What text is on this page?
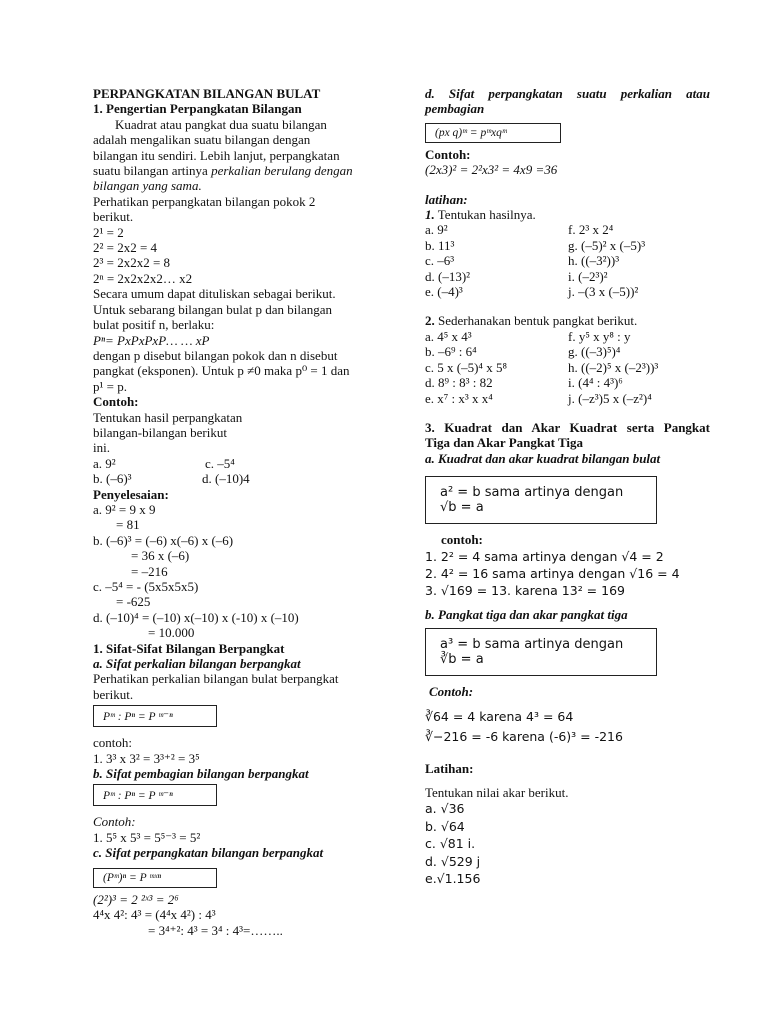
PERPANGKATAN BILANGAN BULAT
1. Pengertian Perpangkatan Bilangan
Kuadrat atau pangkat dua suatu bilangan
adalah mengalikan suatu bilangan dengan
bilangan itu sendiri. Lebih lanjut, perpangkatan
suatu bilangan artinya perkalian berulang dengan
bilangan yang sama.
Perhatikan perpangkatan bilangan pokok 2
berikut.
2¹ = 2
2² = 2x2 = 4
2³ = 2x2x2 = 8
2ⁿ = 2x2x2x2… x2
Secara umum dapat dituliskan sebagai berikut.
Untuk sebarang bilangan bulat p dan bilangan
bulat positif n, berlaku:
Pⁿ= PxPxPxP… … xP
dengan p disebut bilangan pokok dan n disebut
pangkat (eksponen). Untuk p ≠0 maka p⁰ = 1 dan
p¹ = p.
Contoh:
Tentukan hasil perpangkatan
bilangan-bilangan berikut
ini.
a. 9²	c. –5⁴
b. (–6)³	d. (–10)4
Penyelesaian:
a. 9² = 9 x 9
= 81
b. (–6)³ = (–6) x(–6) x (–6)
= 36 x (–6)
= –216
c. –5⁴ = - (5x5x5x5)
= -625
d. (–10)⁴ = (–10) x(–10) x (-10) x (–10)
= 10.000
1. Sifat-Sifat Bilangan Berpangkat
a. Sifat perkalian bilangan berpangkat
Perhatikan perkalian bilangan bulat berpangkat
berikut.
Pᵐ : Pⁿ = P ᵐ⁻ⁿ
contoh:
1. 3³ x 3² = 3³⁺² = 3⁵
b. Sifat pembagian bilangan berpangkat
Pᵐ : Pⁿ = P ᵐ⁻ⁿ
Contoh:
1. 5⁵ x 5³ = 5⁵⁻³ = 5²
c. Sifat perpangkatan bilangan berpangkat
(Pᵐ)ⁿ = P ᵐˣⁿ
(2²)³ = 2 ²ˣ³ = 2⁶
4⁴x 4²: 4³ = (4⁴x 4²) : 4³
= 3⁴⁺²: 4³ = 3⁴ : 4³=……..
d. Sifat perpangkatan suatu perkalian atau
pembagian
(px q)ᵐ = pᵐxqᵐ
Contoh:
(2x3)² = 2²x3² = 4x9 =36
latihan:
1. Tentukan hasilnya.
a. 9²	f. 2³ x 2⁴
b. 11³	g. (–5)² x (–5)³
c. –6³	h. ((–3²))³
d. (–13)²	i. (–2³)²
e. (–4)³	j. –(3 x (–5))²
2. Sederhanakan bentuk pangkat berikut.
a. 4⁵ x 4³	f. y⁵ x y⁸ : y
b. –6⁹ : 6⁴	g. ((–3)⁵)⁴
c. 5 x (–5)⁴ x 5⁸	h. ((–2)⁵ x (–2³))³
d. 8⁹ : 8³ : 82	i. (4⁴ : 4³)⁶
e. x⁷ : x³ x x⁴	j. (–z³)5 x (–z²)⁴
3. Kuadrat dan Akar Kuadrat serta Pangkat
Tiga dan Akar Pangkat Tiga
a. Kuadrat dan akar kuadrat bilangan bulat
a² = b sama artinya dengan √b = a
contoh:
1. 2² = 4 sama artinya dengan √4 = 2
2. 4² = 16 sama artinya dengan √16 = 4
3. √169 = 13. karena 13² = 169
b. Pangkat tiga dan akar pangkat tiga
a³ = b sama artinya dengan ∛b = a
Contoh:
∛64 = 4 karena 4³ = 64
∛−216 = -6 karena (-6)³ = -216
Latihan:
Tentukan nilai akar berikut.
a. √36
b. √64
c. √81 i.
d. √529 j
e.√1.156
